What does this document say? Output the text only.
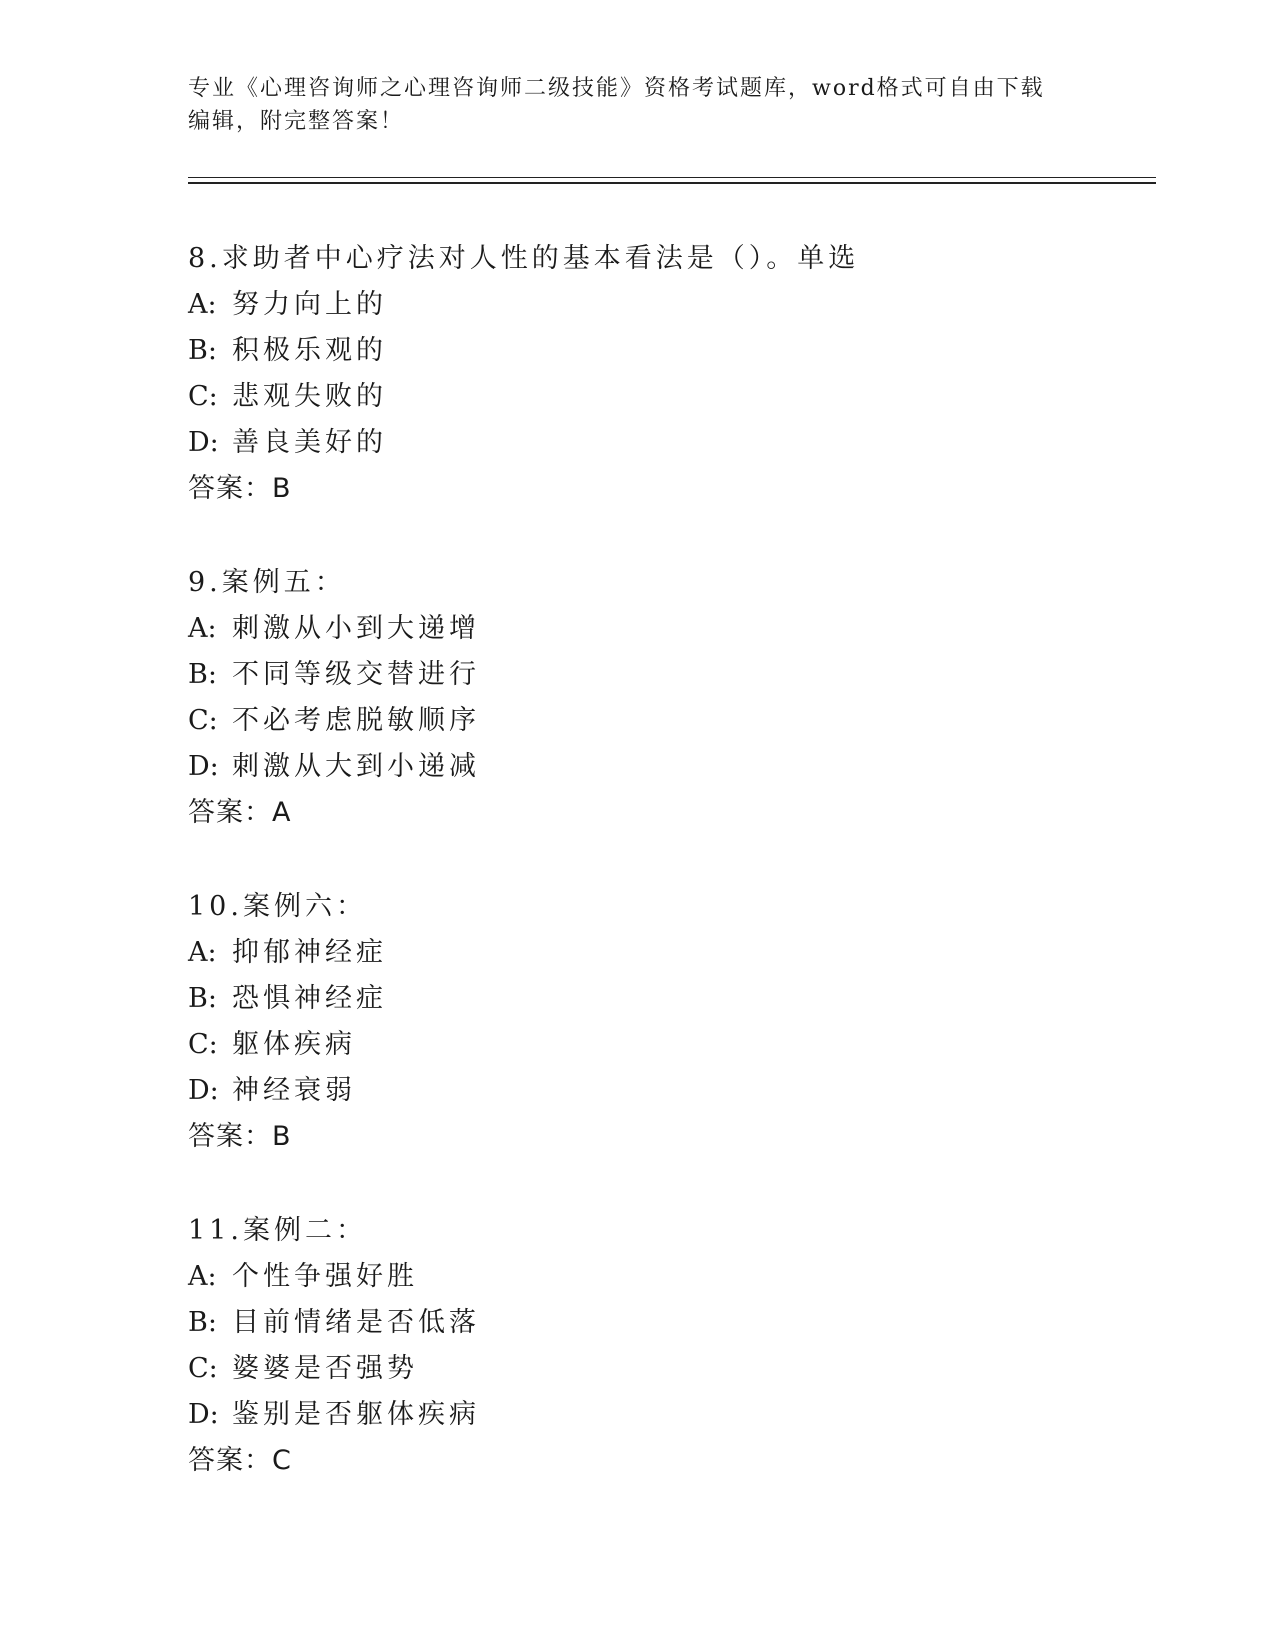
专业《心理咨询师之心理咨询师二级技能》资格考试题库，word格式可自由下载
编辑，附完整答案！
8.求助者中心疗法对人性的基本看法是（）。单选
A: 努力向上的
B: 积极乐观的
C: 悲观失败的
D: 善良美好的
答案：B
9.案例五：
A: 刺激从小到大递增
B: 不同等级交替进行
C: 不必考虑脱敏顺序
D: 刺激从大到小递减
答案：A
10.案例六：
A: 抑郁神经症
B: 恐惧神经症
C: 躯体疾病
D: 神经衰弱
答案：B
11.案例二：
A: 个性争强好胜
B: 目前情绪是否低落
C: 婆婆是否强势
D: 鉴别是否躯体疾病
答案：C
